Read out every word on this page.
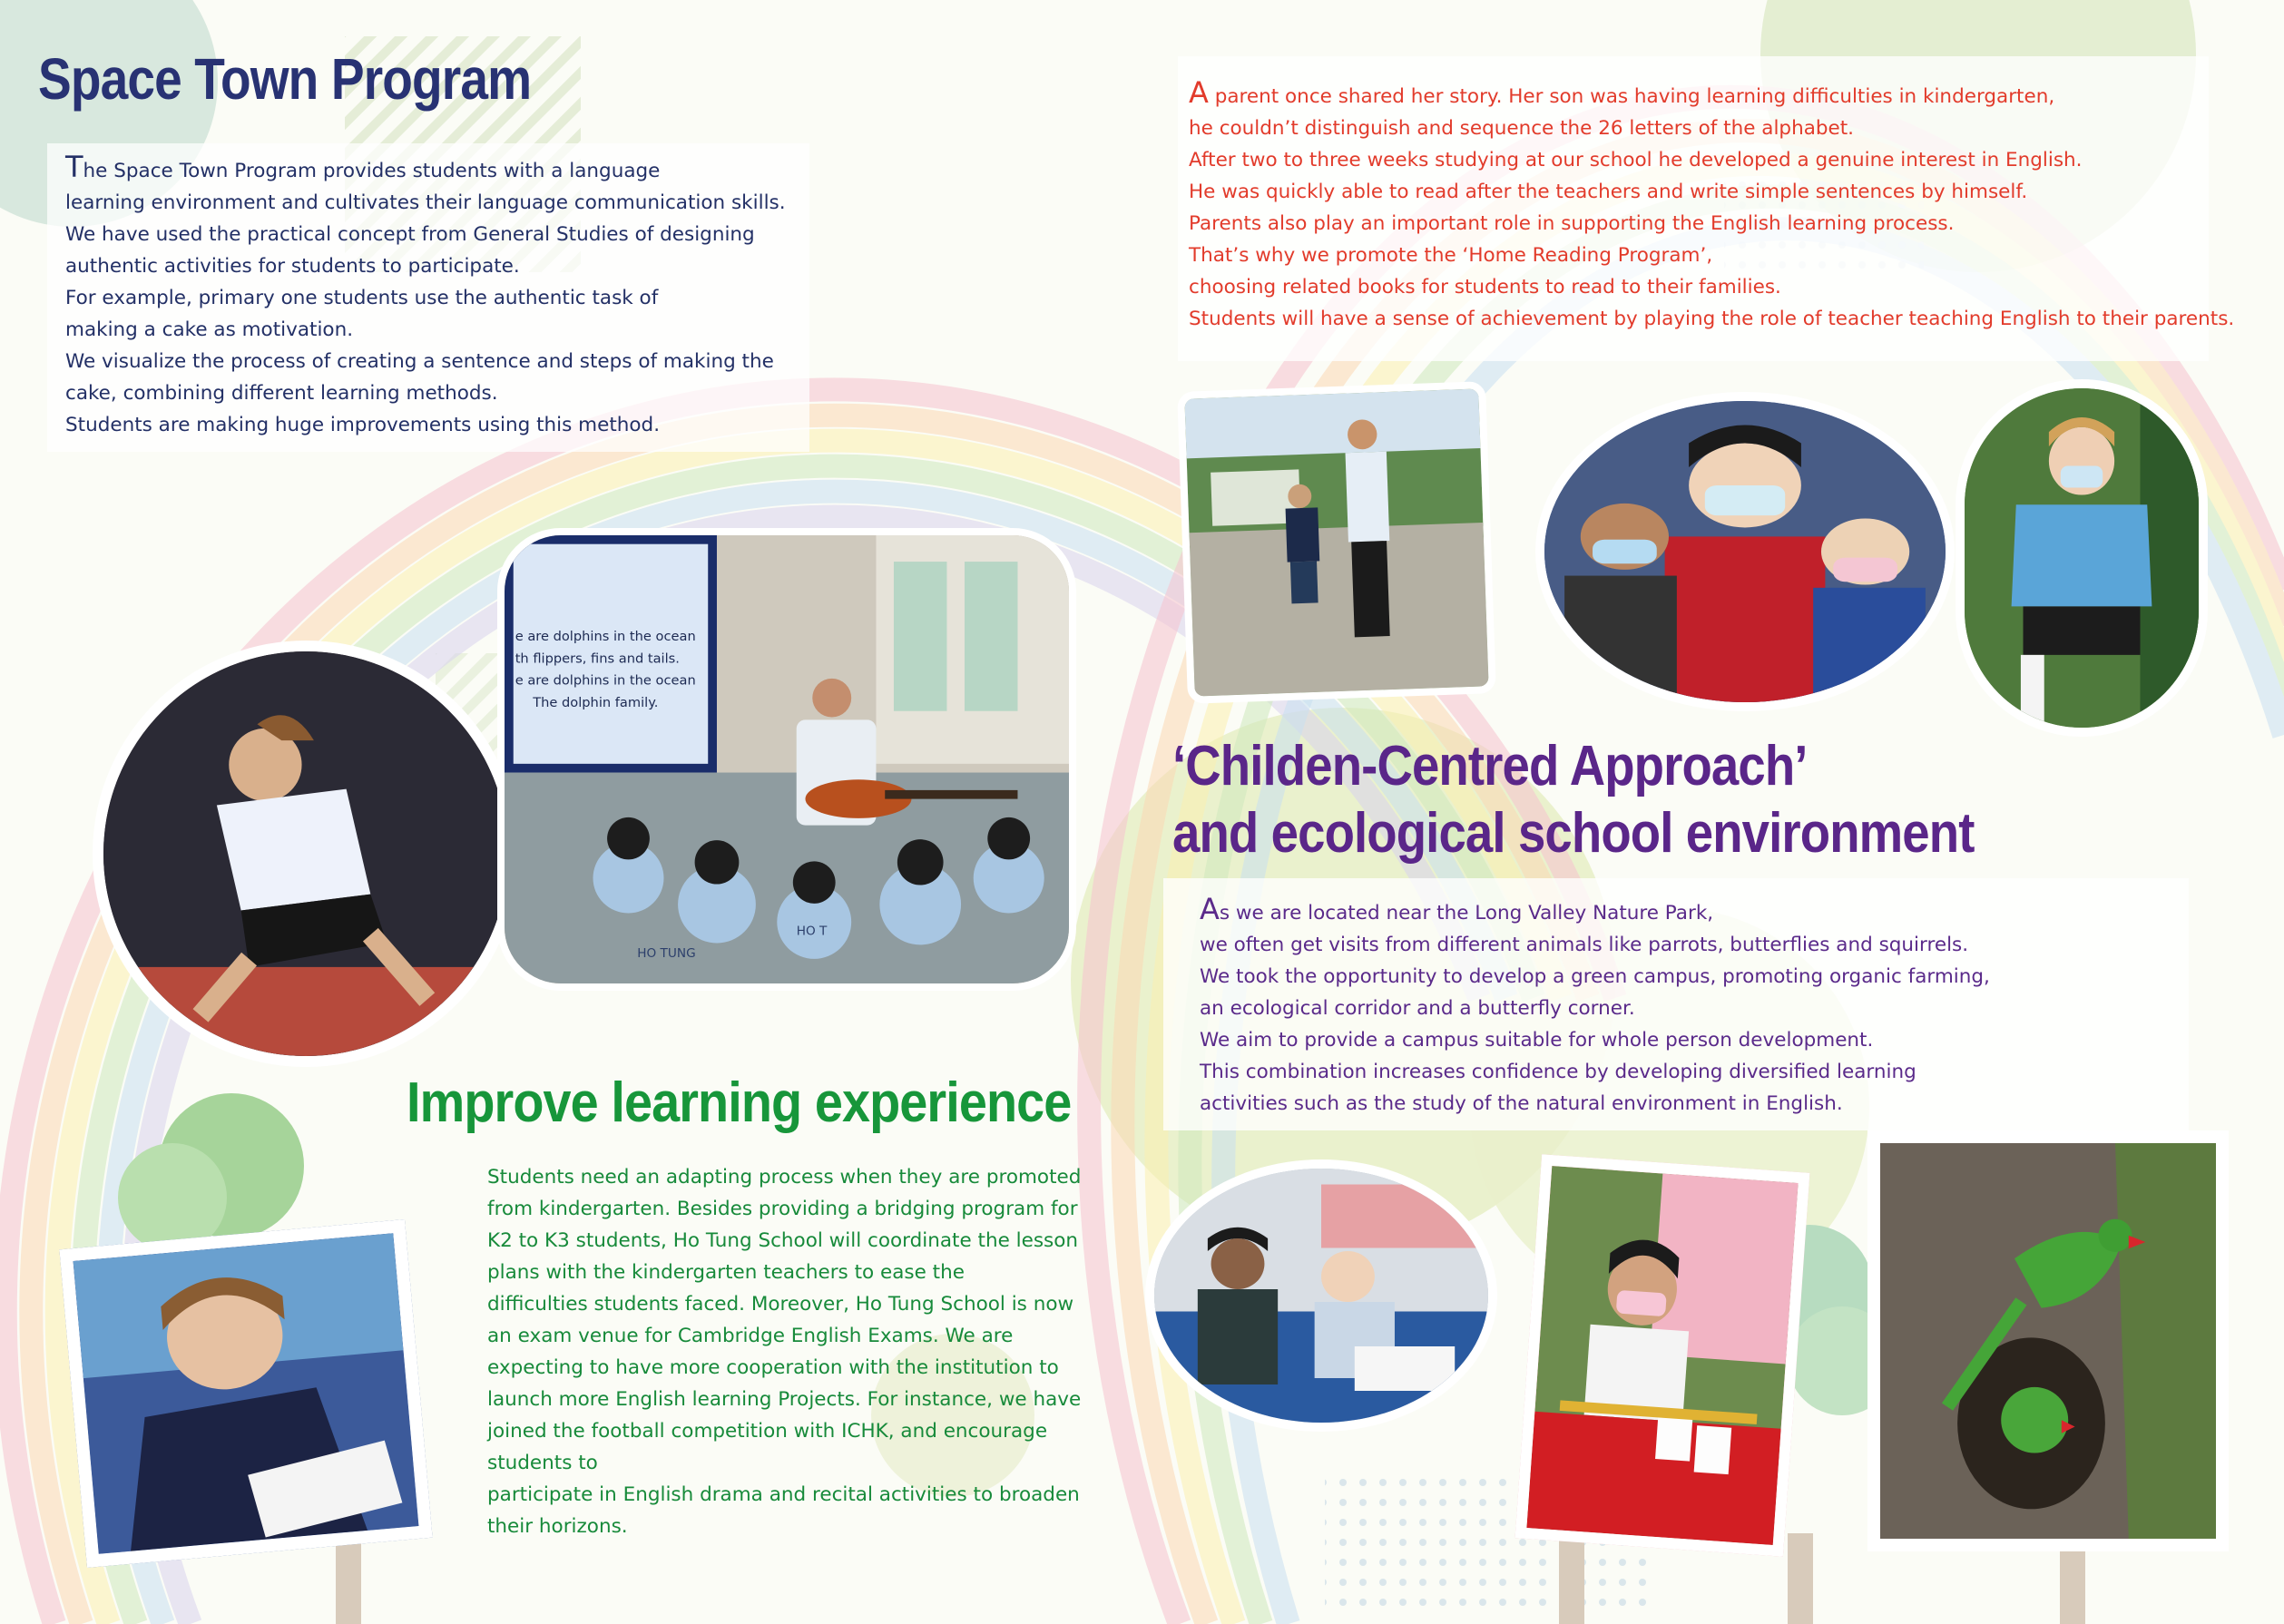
Space Town Program

The Space Town Program provides students with a language

learning environment and cultivates their language communication skills.

We have used the practical concept from General Studies of designing

authentic activities for students to participate.

For example, primary one students use the authentic task of

making a cake as motivation.

We visualize the process of creating a sentence and steps of making the

cake, combining different learning methods.

Students are making huge improvements using this method.

A parent once shared her story. Her son was having learning difficulties in kindergarten,

he couldn’t distinguish and sequence the 26 letters of the alphabet.

After two to three weeks studying at our school he developed a genuine interest in English.

He was quickly able to read after the teachers and write simple sentences by himself.

Parents also play an important role in supporting the English learning process.

That’s why we promote the ‘Home Reading Program’,

choosing related books for students to read to their families.

Students will have a sense of achievement by playing the role of teacher teaching English to their parents.

Improve learning experience

Students need an adapting process when they are promoted

from kindergarten. Besides providing a bridging program for

K2 to K3 students, Ho Tung School will coordinate the lesson

plans with the kindergarten teachers to ease the

difficulties students faced. Moreover, Ho Tung School is now

an exam venue for Cambridge English Exams. We are

expecting to have more cooperation with the institution to

launch more English learning Projects. For instance, we have

joined the football competition with ICHK, and encourage

students to

participate in English drama and recital activities to broaden

their horizons.

‘Childen-Centred Approach’
and ecological school environment

As we are located near the Long Valley Nature Park,

we often get visits from different animals like parrots, butterflies and squirrels.

We took the opportunity to develop a green campus, promoting organic farming,

an ecological corridor and a butterfly corner.

We aim to provide a campus suitable for whole person development.

This combination increases confidence by developing diversified learning

activities such as the study of the natural environment in English.

e are dolphins in the ocean
th flippers, fins and tails.
e are dolphins in the ocean
The dolphin family.
HO TUNG
HO T
